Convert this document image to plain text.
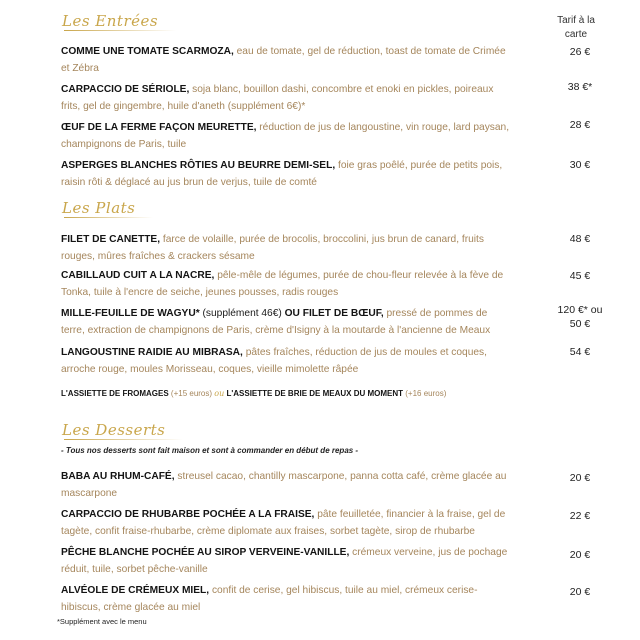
Les Entrées	Tarif à la
carte
COMME UNE TOMATE SCARMOZA, eau de tomate, gel de réduction, toast de tomate de Crimée et Zébra
26 €
CARPACCIO DE SÉRIOLE, soja blanc, bouillon dashi, concombre et enoki en pickles, poireaux frits, gel de gingembre, huile d'aneth (supplément 6€)*
38 €*
ŒUF DE LA FERME FAÇON MEURETTE, réduction de jus de langoustine, vin rouge, lard paysan, champignons de Paris, tuile
28 €
ASPERGES BLANCHES RÔTIES AU BEURRE DEMI-SEL, foie gras poêlé, purée de petits pois, raisin rôti & déglacé au jus brun de verjus, tuile de comté
30 €
Les Plats
FILET DE CANETTE, farce de volaille, purée de brocolis, broccolini, jus brun de canard, fruits rouges, mûres fraîches & crackers sésame
48 €
CABILLAUD CUIT A LA NACRE, pêle-mêle de légumes, purée de chou-fleur relevée à la fève de Tonka, tuile à l'encre de seiche, jeunes pousses, radis rouges
45 €
MILLE-FEUILLE DE WAGYU* (supplément 46€) OU FILET DE BŒUF, pressé de pommes de terre, extraction de champignons de Paris, crème d'Isigny à la moutarde à l'ancienne de Meaux
120 €* ou
50 €
LANGOUSTINE RAIDIE AU MIBRASA, pâtes fraîches, réduction de jus de moules et coques, arroche rouge, moules Morisseau, coques, vieille mimolette râpée
54 €
L'ASSIETTE DE FROMAGES (+15 euros) ou L'ASSIETTE DE BRIE DE MEAUX DU MOMENT (+16 euros)
Les Desserts
- Tous nos desserts sont fait maison et sont à commander en début de repas -
BABA AU RHUM-CAFÉ, streusel cacao, chantilly mascarpone, panna cotta café, crème glacée au mascarpone
20 €
CARPACCIO DE RHUBARBE POCHÉE A LA FRAISE, pâte feuilletée, financier à la fraise, gel de tagète, confit fraise-rhubarbe, crème diplomate aux fraises, sorbet tagète, sirop de rhubarbe
22 €
PÊCHE BLANCHE POCHÉE AU SIROP VERVEINE-VANILLE, crémeux verveine, jus de pochage réduit, tuile, sorbet pêche-vanille
20 €
ALVÉOLE DE CRÉMEUX MIEL, confit de cerise, gel hibiscus, tuile au miel, crémeux cerise-hibiscus, crème glacée au miel
20 €
*Supplément avec le menu
